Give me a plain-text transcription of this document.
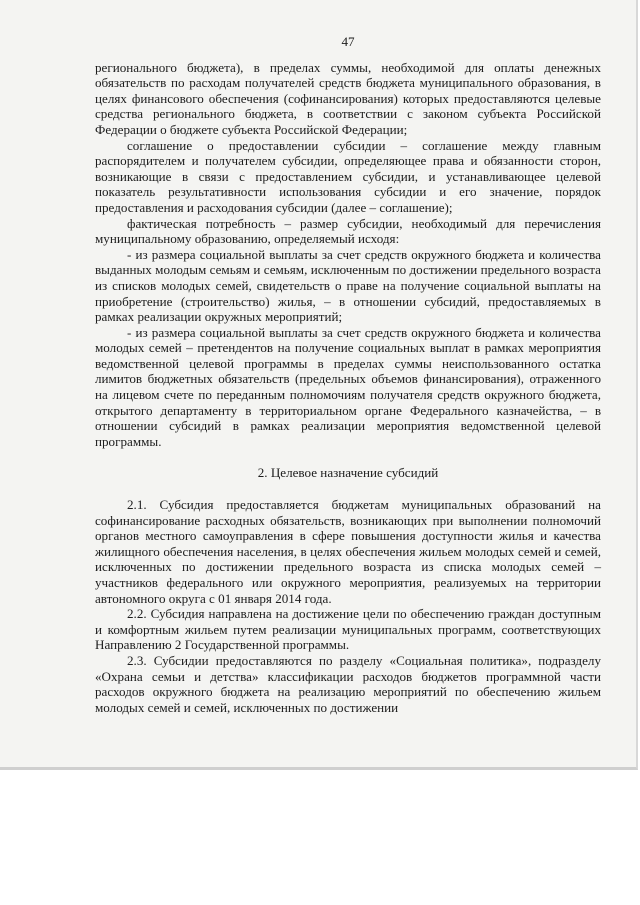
47

регионального бюджета), в пределах суммы, необходимой для оплаты денежных обязательств по расходам получателей средств бюджета муниципального образования, в целях финансового обеспечения (софинансирования) которых предоставляются целевые средства регионального бюджета, в соответствии с законом субъекта Российской Федерации о бюджете субъекта Российской Федерации;

соглашение о предоставлении субсидии – соглашение между главным распорядителем и получателем субсидии, определяющее права и обязанности сторон, возникающие в связи с предоставлением субсидии, и устанавливающее целевой показатель результативности использования субсидии и его значение, порядок предоставления и расходования субсидии (далее – соглашение);

фактическая потребность – размер субсидии, необходимый для перечисления муниципальному образованию, определяемый исходя:

- из размера социальной выплаты за счет средств окружного бюджета и количества выданных молодым семьям и семьям, исключенным по достижении предельного возраста из списков молодых семей, свидетельств о праве на получение социальной выплаты на приобретение (строительство) жилья, – в отношении субсидий, предоставляемых в рамках реализации окружных мероприятий;

- из размера социальной выплаты за счет средств окружного бюджета и количества молодых семей – претендентов на получение социальных выплат в рамках мероприятия ведомственной целевой программы в пределах суммы неиспользованного остатка лимитов бюджетных обязательств (предельных объемов финансирования), отраженного на лицевом счете по переданным полномочиям получателя средств окружного бюджета, открытого департаменту в территориальном органе Федерального казначейства, – в отношении субсидий в рамках реализации мероприятия ведомственной целевой программы.

2. Целевое назначение субсидий

2.1. Субсидия предоставляется бюджетам муниципальных образований на софинансирование расходных обязательств, возникающих при выполнении полномочий органов местного самоуправления в сфере повышения доступности жилья и качества жилищного обеспечения населения, в целях обеспечения жильем молодых семей и семей, исключенных по достижении предельного возраста из списка молодых семей – участников федерального или окружного мероприятия, реализуемых на территории автономного округа с 01 января 2014 года.

2.2. Субсидия направлена на достижение цели по обеспечению граждан доступным и комфортным жильем путем реализации муниципальных программ, соответствующих Направлению 2 Государственной программы.

2.3. Субсидии предоставляются по разделу «Социальная политика», подразделу «Охрана семьи и детства» классификации расходов бюджетов программной части расходов окружного бюджета на реализацию мероприятий по обеспечению жильем молодых семей и семей, исключенных по достижении
